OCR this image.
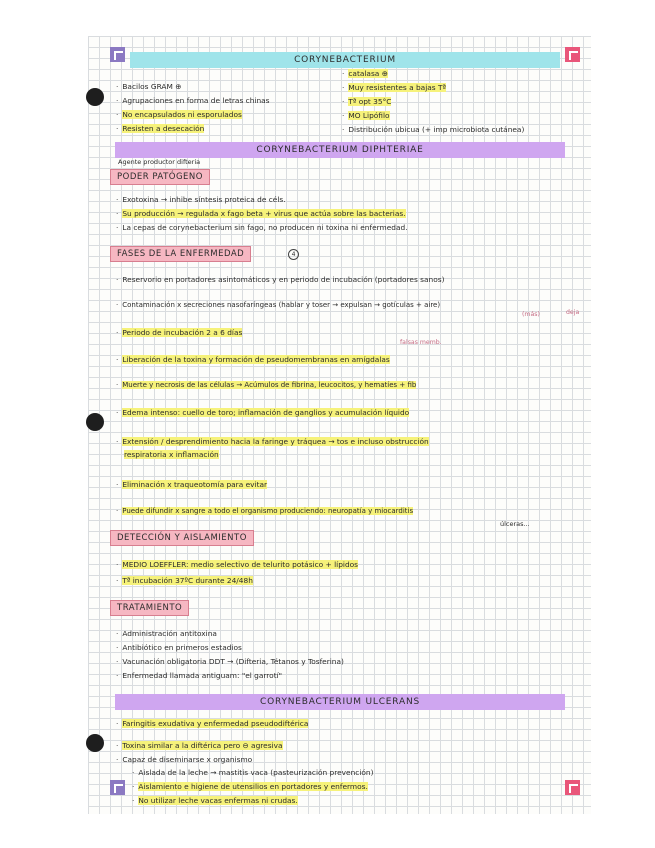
CORYNEBACTERIUM
· Bacilos GRAM ⊕
· Agrupaciones en forma de letras chinas
· No encapsulados ni esporulados
· Resisten a desecación
· catalasa ⊕
· Muy resistentes a bajas Tª
· Tª opt 35°C
· MO Lipófilo
· Distribución ubicua (+ imp microbiota cutánea)
CORYNEBACTERIUM DIPHTERIAE
Agente productor difteria
PODER PATÓGENO
· Exotoxina → inhibe síntesis proteica de céls.
· Su producción → regulada x fago beta + virus que actúa sobre las bacterias.
· La cepas de corynebacterium sin fago, no producen ni toxina ni enfermedad.
FASES DE LA ENFERMEDAD	4
· Reservorio en portadores asintomáticos y en periodo de incubación (portadores sanos)
· Contaminación x secreciones nasofaríngeas (hablar y toser → expulsan → gotículas + aire)
(más)	deja
· Periodo de incubación 2 a 6 días
falsas memb.
· Liberación de la toxina y formación de pseudomembranas en amígdalas
· Muerte y necrosis de las células → Acúmulos de fibrina, leucocitos, y hematíes + fib
· Edema intenso: cuello de toro; inflamación de ganglios y acumulación líquido
· Extensión / desprendimiento hacia la faringe y tráquea → tos e incluso obstrucción
respiratoria x inflamación
· Eliminación x traqueotomía para evitar
· Puede difundir x sangre a todo el organismo produciendo: neuropatía y miocarditis
úlceras...
DETECCIÓN Y AISLAMIENTO
· MEDIO LOEFFLER: medio selectivo de telurito potásico + lípidos
· Tª incubación 37ºC durante 24/48h
TRATAMIENTO
· Administración antitoxina
· Antibiótico en primeros estadios
· Vacunación obligatoria DDT → (Difteria, Tétanos y Tosferina)
· Enfermedad llamada antiguam: "el garrotí"
CORYNEBACTERIUM ULCERANS
· Faringitis exudativa y enfermedad pseudodiftérica
· Toxina similar a la diftérica pero ⊖ agresiva
· Capaz de diseminarse x organismo
· Aislada de la leche → mastitis vaca (pasteurización prevención)
· Aislamiento e higiene de utensilios en portadores y enfermos.
· No utilizar leche vacas enfermas ni crudas.
